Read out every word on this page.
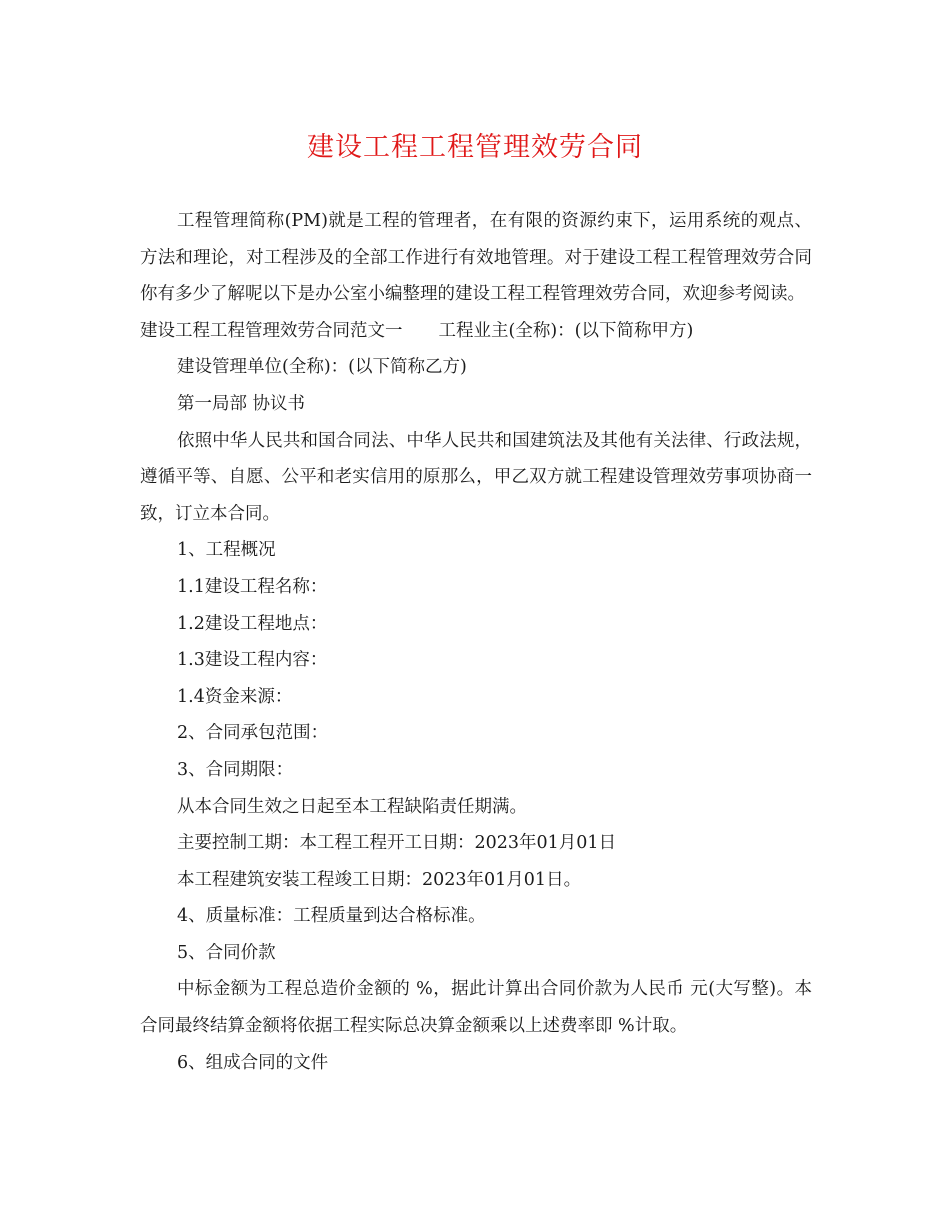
建设工程工程管理效劳合同

工程管理简称(PM)就是工程的管理者，在有限的资源约束下，运用系统的观点、方法和理论，对工程涉及的全部工作进行有效地管理。对于建设工程工程管理效劳合同你有多少了解呢以下是办公室小编整理的建设工程工程管理效劳合同，欢迎参考阅读。

建设工程工程管理效劳合同范文一 工程业主(全称)：(以下简称甲方)

建设管理单位(全称)：(以下简称乙方)

第一局部 协议书

依照中华人民共和国合同法、中华人民共和国建筑法及其他有关法律、行政法规，遵循平等、自愿、公平和老实信用的原那么，甲乙双方就工程建设管理效劳事项协商一致，订立本合同。

1、工程概况

1.1建设工程名称：

1.2建设工程地点：

1.3建设工程内容：

1.4资金来源：

2、合同承包范围：

3、合同期限：

从本合同生效之日起至本工程缺陷责任期满。

主要控制工期：本工程工程开工日期：2023年01月01日

本工程建筑安装工程竣工日期：2023年01月01日。

4、质量标准：工程质量到达合格标准。

5、合同价款

中标金额为工程总造价金额的 %，据此计算出合同价款为人民币 元(大写整)。本合同最终结算金额将依据工程实际总决算金额乘以上述费率即 %计取。

6、组成合同的文件
